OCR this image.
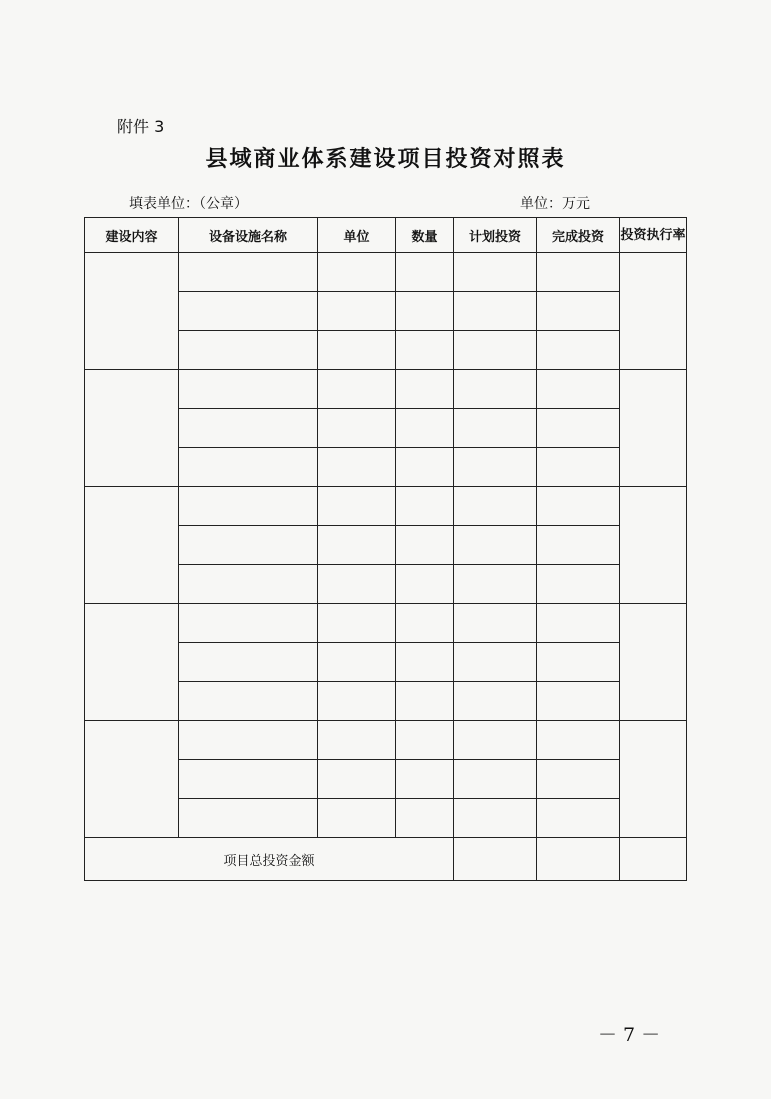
附件 3
县域商业体系建设项目投资对照表
填表单位：（公章）	单位：万元
建设内容	设备设施名称	单位	数量	计划投资	完成投资	投资执行率

项目总投资金额						
－ 7 －
